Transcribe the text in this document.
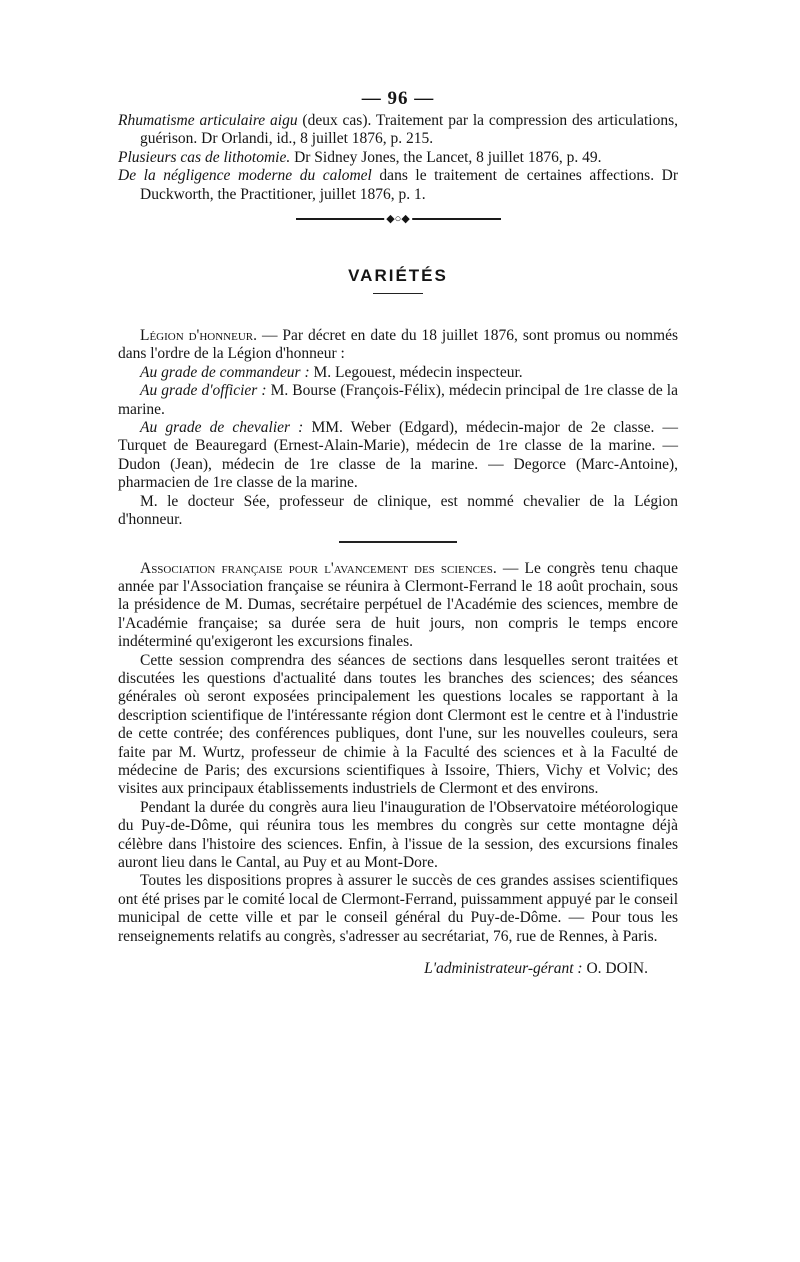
— 96 —

Rhumatisme articulaire aigu (deux cas). Traitement par la compression des articulations, guérison. Dr Orlandi, id., 8 juillet 1876, p. 215.

Plusieurs cas de lithotomie. Dr Sidney Jones, the Lancet, 8 juillet 1876, p. 49.

De la négligence moderne du calomel dans le traitement de certaines affections. Dr Duckworth, the Practitioner, juillet 1876, p. 1.

◆○◆
VARIÉTÉS

Légion d'honneur. — Par décret en date du 18 juillet 1876, sont promus ou nommés dans l'ordre de la Légion d'honneur :

Au grade de commandeur : M. Legouest, médecin inspecteur.

Au grade d'officier : M. Bourse (François-Félix), médecin principal de 1re classe de la marine.

Au grade de chevalier : MM. Weber (Edgard), médecin-major de 2e classe. — Turquet de Beauregard (Ernest-Alain-Marie), médecin de 1re classe de la marine. — Dudon (Jean), médecin de 1re classe de la marine. — Degorce (Marc-Antoine), pharmacien de 1re classe de la marine.

M. le docteur Sée, professeur de clinique, est nommé chevalier de la Légion d'honneur.

Association française pour l'avancement des sciences. — Le congrès tenu chaque année par l'Association française se réunira à Clermont-Ferrand le 18 août prochain, sous la présidence de M. Dumas, secrétaire perpétuel de l'Académie des sciences, membre de l'Académie française; sa durée sera de huit jours, non compris le temps encore indéterminé qu'exigeront les excursions finales.

Cette session comprendra des séances de sections dans lesquelles seront traitées et discutées les questions d'actualité dans toutes les branches des sciences; des séances générales où seront exposées principalement les questions locales se rapportant à la description scientifique de l'intéressante région dont Clermont est le centre et à l'industrie de cette contrée; des conférences publiques, dont l'une, sur les nouvelles couleurs, sera faite par M. Wurtz, professeur de chimie à la Faculté des sciences et à la Faculté de médecine de Paris; des excursions scientifiques à Issoire, Thiers, Vichy et Volvic; des visites aux principaux établissements industriels de Clermont et des environs.

Pendant la durée du congrès aura lieu l'inauguration de l'Observatoire météorologique du Puy-de-Dôme, qui réunira tous les membres du congrès sur cette montagne déjà célèbre dans l'histoire des sciences. Enfin, à l'issue de la session, des excursions finales auront lieu dans le Cantal, au Puy et au Mont-Dore.

Toutes les dispositions propres à assurer le succès de ces grandes assises scientifiques ont été prises par le comité local de Clermont-Ferrand, puissamment appuyé par le conseil municipal de cette ville et par le conseil général du Puy-de-Dôme. — Pour tous les renseignements relatifs au congrès, s'adresser au secrétariat, 76, rue de Rennes, à Paris.

L'administrateur-gérant : O. DOIN.
